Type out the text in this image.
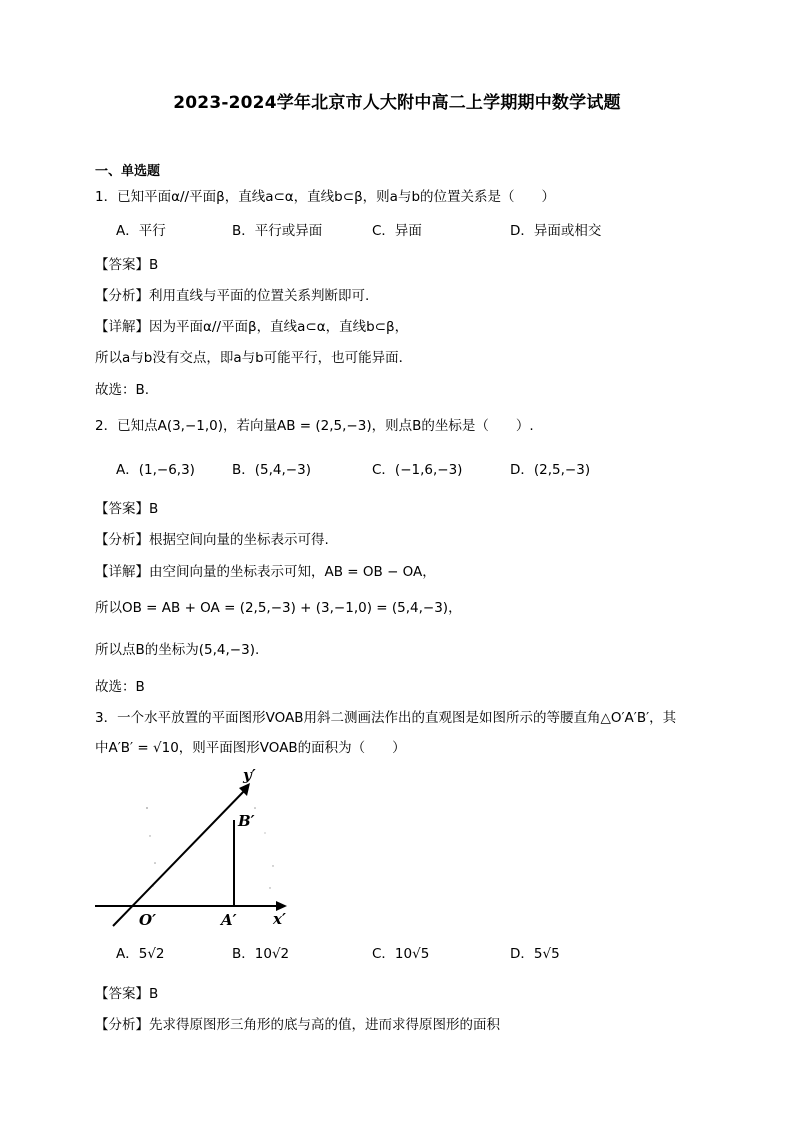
2023-2024学年北京市人大附中高二上学期期中数学试题
一、单选题
1．已知平面α//平面β，直线a⊂α，直线b⊂β，则a与b的位置关系是（　　）
A．平行	B．平行或异面	C．异面	D．异面或相交
【答案】B
【分析】利用直线与平面的位置关系判断即可.
【详解】因为平面α//平面β，直线a⊂α，直线b⊂β，
所以a与b没有交点，即a与b可能平行，也可能异面．
故选：B.
2．已知点A(3,−1,0)，若向量AB = (2,5,−3)，则点B的坐标是（　　）.
A．(1,−6,3)	B．(5,4,−3)	C．(−1,6,−3)	D．(2,5,−3)
【答案】B
【分析】根据空间向量的坐标表示可得.
【详解】由空间向量的坐标表示可知，AB = OB − OA，
所以OB = AB + OA = (2,5,−3) + (3,−1,0) = (5,4,−3)，
所以点B的坐标为(5,4,−3).
故选：B
3．一个水平放置的平面图形VOAB用斜二测画法作出的直观图是如图所示的等腰直角△O′A′B′，其
中A′B′ = √10，则平面图形VOAB的面积为（　　）
y′
B′
O′	A′ x′
A．5√2	B．10√2	C．10√5	D．5√5
【答案】B
【分析】先求得原图形三角形的底与高的值，进而求得原图形的面积
